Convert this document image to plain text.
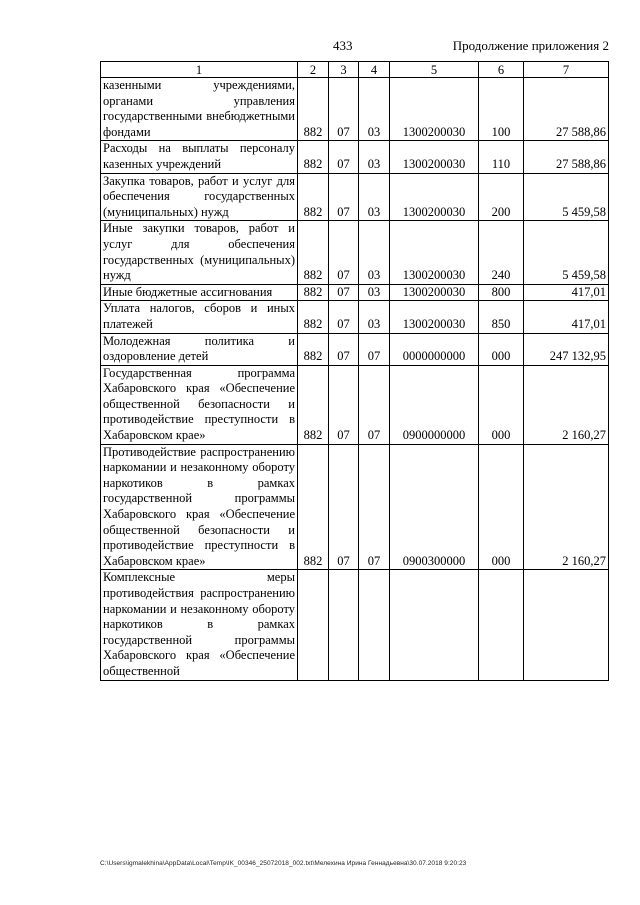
433	Продолжение приложения 2
1	2	3	4	5	6	7
казенными учреждениями, органами управления государственными внебюджетными фондами	882	07	03	1300200030	100	27 588,86
Расходы на выплаты персоналу казенных учреждений	882	07	03	1300200030	110	27 588,86
Закупка товаров, работ и услуг для обеспечения государственных (муниципальных) нужд	882	07	03	1300200030	200	5 459,58
Иные закупки товаров, работ и услуг для обеспечения государственных (муниципальных) нужд	882	07	03	1300200030	240	5 459,58
Иные бюджетные ассигнования	882	07	03	1300200030	800	417,01
Уплата налогов, сборов и иных платежей	882	07	03	1300200030	850	417,01
Молодежная политика и оздоровление детей	882	07	07	0000000000	000	247 132,95
Государственная программа Хабаровского края «Обеспечение общественной безопасности и противодействие преступности в Хабаровском крае»	882	07	07	0900000000	000	2 160,27
Противодействие распространению наркомании и незаконному обороту наркотиков в рамках государственной программы Хабаровского края «Обеспечение общественной безопасности и противодействие преступности в Хабаровском крае»	882	07	07	0900300000	000	2 160,27
Комплексные меры противодействия распространению наркомании и незаконному обороту наркотиков в рамках государственной программы Хабаровского края «Обеспечение общественной						
C:\Users\igmalekhina\AppData\Local\Temp\IK_00346_25072018_002.txt\Мелехина Ирина Геннадьевна\30.07.2018 9:20:23
